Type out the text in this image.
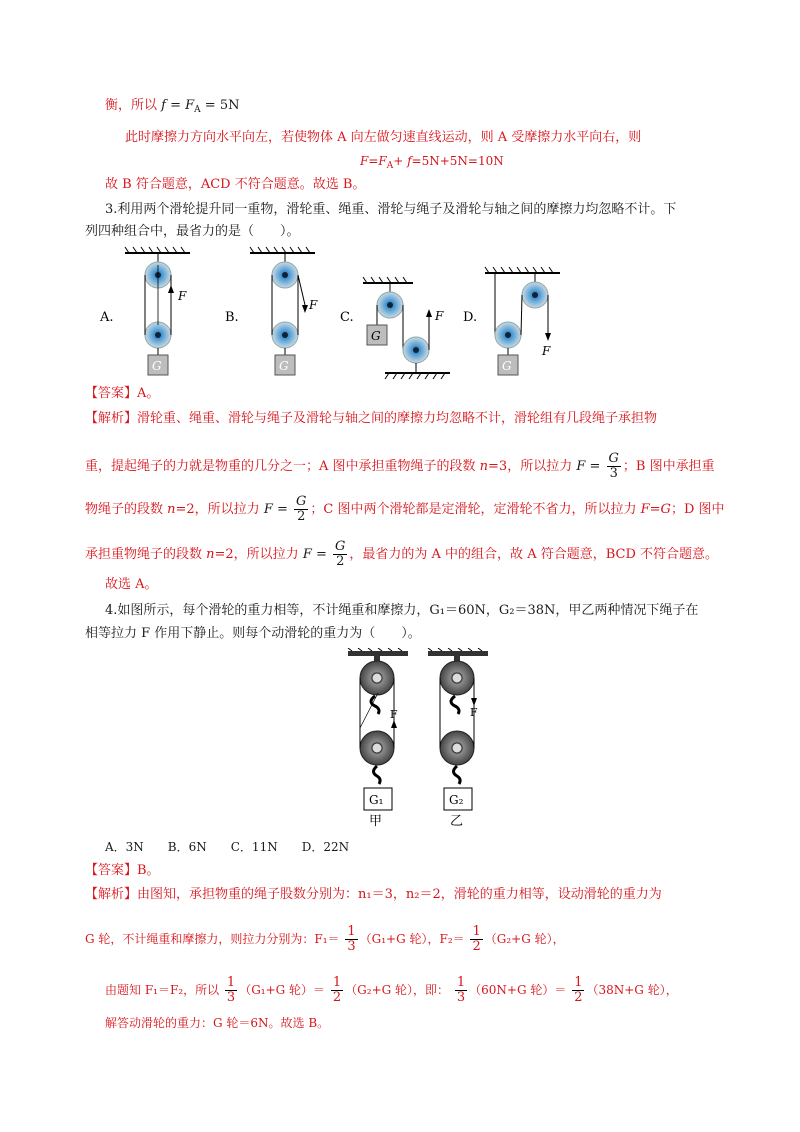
衡，所以 $f = F_A = 5N$
此时摩擦力方向水平向左，若使物体 A 向左做匀速直线运动，则 A 受摩擦力水平向右，则
$F=F_A+ f=5N+5N=10N$
故 B 符合题意，ACD 不符合题意。故选 B。
3.利用两个滑轮提升同一重物，滑轮重、绳重、滑轮与绳子及滑轮与轴之间的摩擦力均忽略不计。下
列四种组合中，最省力的是（　　）。
A.
G
F
B.
F
G
C.
G
F D.
F
G
【答案】A。
【解析】滑轮重、绳重、滑轮与绳子及滑轮与轴之间的摩擦力均忽略不计，滑轮组有几段绳子承担物
重，提起绳子的力就是物重的几分之一；A 图中承担重物绳子的段数 n=3，所以拉力 $F = \frac{G}{3}$ ；B 图中承担重
物绳子的段数 n=2，所以拉力 $F = \frac{G}{2}$ ；C 图中两个滑轮都是定滑轮，定滑轮不省力，所以拉力 F=G；D 图中
承担重物绳子的段数 n=2，所以拉力 $F = \frac{G}{2}$ ，最省力的为 A 中的组合，故 A 符合题意，BCD 不符合题意。
故选 A。
4.如图所示，每个滑轮的重力相等，不计绳重和摩擦力，G₁＝60N，G₂＝38N，甲乙两种情况下绳子在
相等拉力 F 作用下静止。则每个动滑轮的重力为（　　）。
F
G₁
甲
F
G₂
乙
A．3N　　B．6N　　C．11N　　D．22N
【答案】B。
【解析】由图知，承担物重的绳子股数分别为：n₁＝3，n₂＝2，滑轮的重力相等，设动滑轮的重力为
G 轮，不计绳重和摩擦力，则拉力分别为：$F_1= \frac{1}{3} (G_1+G$ 轮），$F_2= \frac{1}{2} (G_2+G$ 轮），
由题知 F₁＝F₂，所以 $\frac{1}{3} (G_1+G$ 轮）＝ $\frac{1}{2} (G_2+G$ 轮），即： $\frac{1}{3} (60N+G$ 轮）＝ $\frac{1}{2} (38N+G$ 轮），
解答动滑轮的重力：G 轮＝6N。故选 B。
